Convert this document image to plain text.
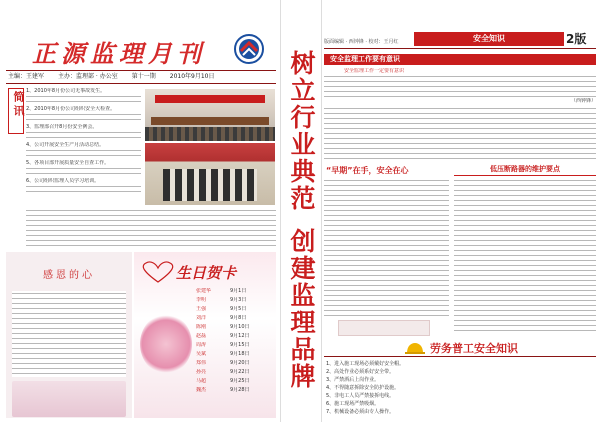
正源监理月刊
主编：王建军 主办：监理部 · 办公室 第十一期 2010年9月10日
简讯 1、2010年8月份公司无事故发生。
2、2010年8月份公司组织安全大检查。
3、监理部召开8月份安全例会。
4、公司开展安全生产月活动总结。
5、各项目部开展质量安全自查工作。
6、公司组织监理人员学习培训。
感恩的心	生日贺卡
张建华	9月1日
李明	9月3日
王强	9月5日
刘洋	9月8日
陈刚	9月10日
赵磊	9月12日
周涛	9月15日
吴斌	9月18日
郑伟	9月20日
孙亮	9月22日
马超	9月25日
魏杰	9月28日
树立行业典范
创建监理品牌
版面编辑 · 西钟锋 · 校对：王月红	安全知识	2版
安全监理工作要有意识
安全监理工作一定要有意识
（西钟锋）
“早期”在手，安全在心	低压断路器的维护要点
劳务普工安全知识
1、进入施工现场必须戴好安全帽。
2、高处作业必须系好安全带。
3、严禁酒后上岗作业。
4、不得随意拆除安全防护设施。
5、非电工人员严禁接拆电线。
6、施工现场严禁吸烟。
7、机械设备必须由专人操作。
